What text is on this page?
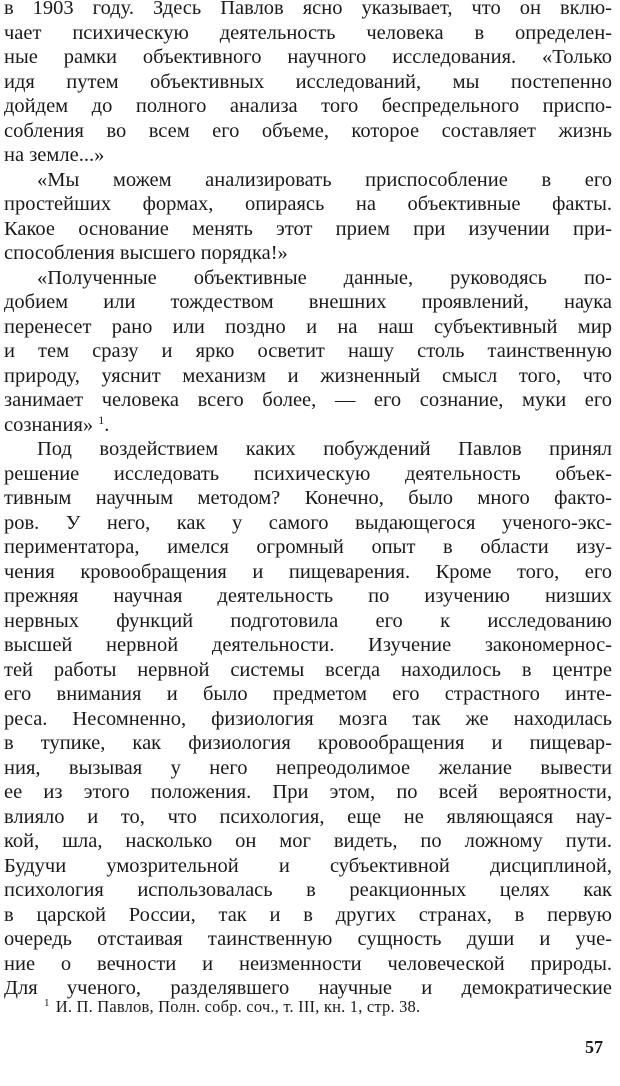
в 1903 году. Здесь Павлов ясно указывает, что он вклю-
чает психическую деятельность человека в определен-
ные рамки объективного научного исследования. «Только
идя путем объективных исследований, мы постепенно
дойдем до полного анализа того беспредельного приспо-
собления во всем его объеме, которое составляет жизнь
на земле...»
«Мы можем анализировать приспособление в его
простейших формах, опираясь на объективные факты.
Какое основание менять этот прием при изучении при-
способления высшего порядка!»
«Полученные объективные данные, руководясь по-
добием или тождеством внешних проявлений, наука
перенесет рано или поздно и на наш субъективный мир
и тем сразу и ярко осветит нашу столь таинственную
природу, уяснит механизм и жизненный смысл того, что
занимает человека всего более, — его сознание, муки его
сознания» $^1$.
Под воздействием каких побуждений Павлов принял
решение исследовать психическую деятельность объек-
тивным научным методом? Конечно, было много факто-
ров. У него, как у самого выдающегося ученого-экс-
периментатора, имелся огромный опыт в области изу-
чения кровообращения и пищеварения. Кроме того, его
прежняя научная деятельность по изучению низших
нервных функций подготовила его к исследованию
высшей нервной деятельности. Изучение закономернос-
тей работы нервной системы всегда находилось в центре
его внимания и было предметом его страстного инте-
реса. Несомненно, физиология мозга так же находилась
в тупике, как физиология кровообращения и пищевар-
ния, вызывая у него непреодолимое желание вывести
ее из этого положения. При этом, по всей вероятности,
влияло и то, что психология, еще не являющаяся нау-
кой, шла, насколько он мог видеть, по ложному пути.
Будучи умозрительной и субъективной дисциплиной,
психология использовалась в реакционных целях как
в царской России, так и в других странах, в первую
очередь отстаивая таинственную сущность души и уче-
ние о вечности и неизменности человеческой природы.
Для ученого, разделявшего научные и демократические
$^1$ И. П. Павлов, Полн. собр. соч., т. III, кн. 1, стр. 38.
57
